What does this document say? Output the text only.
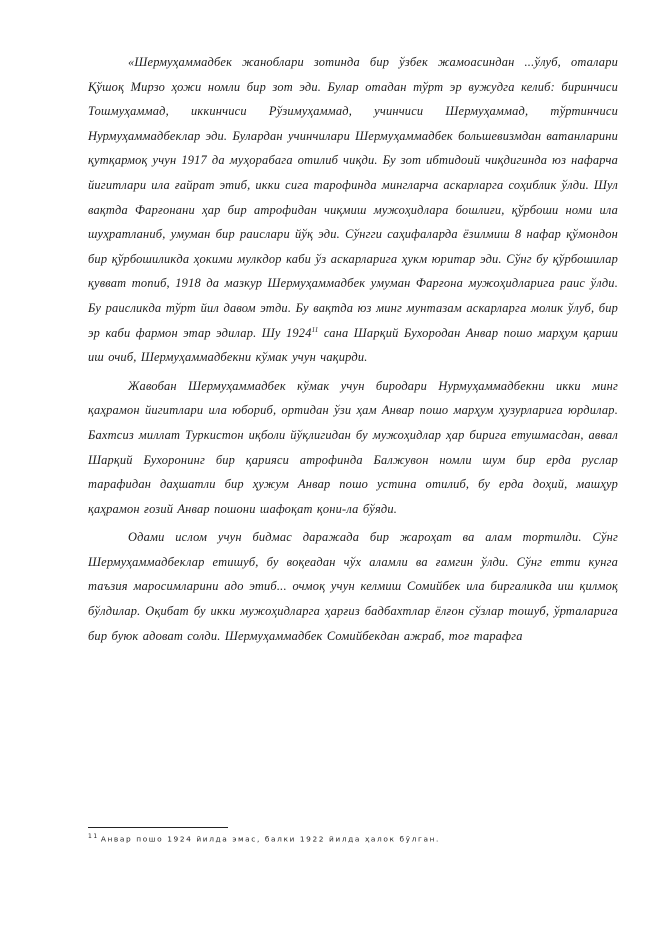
«Шермуҳаммадбек жанoблари зотинда бир ўзбек жамоасиндан ...ўлуб, оталари Қўшоқ Мирзо ҳожи номли бир зот эди. Булар отадан тўрт эр вужудга келиб: биринчиси Тошмуҳаммад, иккинчиси Рўзимуҳаммад, учинчиси Шермуҳаммад, тўртинчиси Нурмуҳаммадбеклар эди. Булардан учинчилари Шермуҳаммадбек большевизмдан ватанларини қутқармоқ учун 1917 да муҳорабага отилиб чиқди. Бу зот ибтидоий чиқдигинда юз нафарча йигитлари ила ғайрат этиб, икки сига тарофинда мингларча аскарларга соҳиблик ўлди. Шул вақтда Фарғонани ҳар бир атрофидан чиқмиш мужоҳидлара бошлиғи, қўрбоши номи ила шуҳратланиб, умуман бир раислари йўқ эди. Сўнгги саҳифаларда ёзилмиш 8 нафар қўмондон бир қўрбошиликда ҳокими мулкдор каби ўз аскарларига ҳукм юритар эди. Сўнг бу қўрбошилар қувват топиб, 1918 да мазкур Шермуҳаммадбек умуман Фарғона мужоҳидларига раис ўлди. Бу раисликда тўрт йил давом этди. Бу вақтда юз минг мунтазам аскарларга молик ўлуб, бир эр каби фармон этар эдилар. Шу 1924$^{11}$ сана Шарқий Бухородан Анвар пошо марҳум қарши иш очиб, Шермуҳаммадбекни кўмак учун чақирди.

Жавобан Шермуҳаммадбек кўмак учун биродари Нурмуҳаммадбекни икки минг қаҳрамон йигитлари ила юбориб, ортидан ўзи ҳам Анвар пошо марҳум ҳузурларига юрдилар. Бахтсиз миллат Туркистон иқболи йўқлигидан бу мужоҳидлар ҳар бирига етушмасдан, аввал Шарқий Бухоронинг бир қарияси атрофинда Балжувон номли шум бир ерда руслар тарафидан даҳшатли бир ҳужум Анвар пошо устина отилиб, бу ерда доҳий, машҳур қаҳрамон ғозий Анвар пошони шафоқат қони-ла бўяди.

Одами ислом учун бидмас даражада бир жароҳат ва алам тортилди. Сўнг Шермуҳаммадбеклар етишуб, бу воқеадан чўх аламли ва ғамгин ўлди. Сўнг етти кунга таъзия маросимларини адо этиб... очмоқ учун келмиш Сомийбек ила биргаликда иш қилмоқ бўлдилар. Оқибат бу икки мужоҳидларга ҳарғиз бадбахтлар ёлғон сўзлар тошуб, ўрталарига бир буюк адоват солди. Шермуҳаммадбек Сомийбекдан ажраб, тоғ тарафга

$^{11}$ Анвар пошо 1924 йилда эмас, балки 1922 йилда ҳалок бўлган.
